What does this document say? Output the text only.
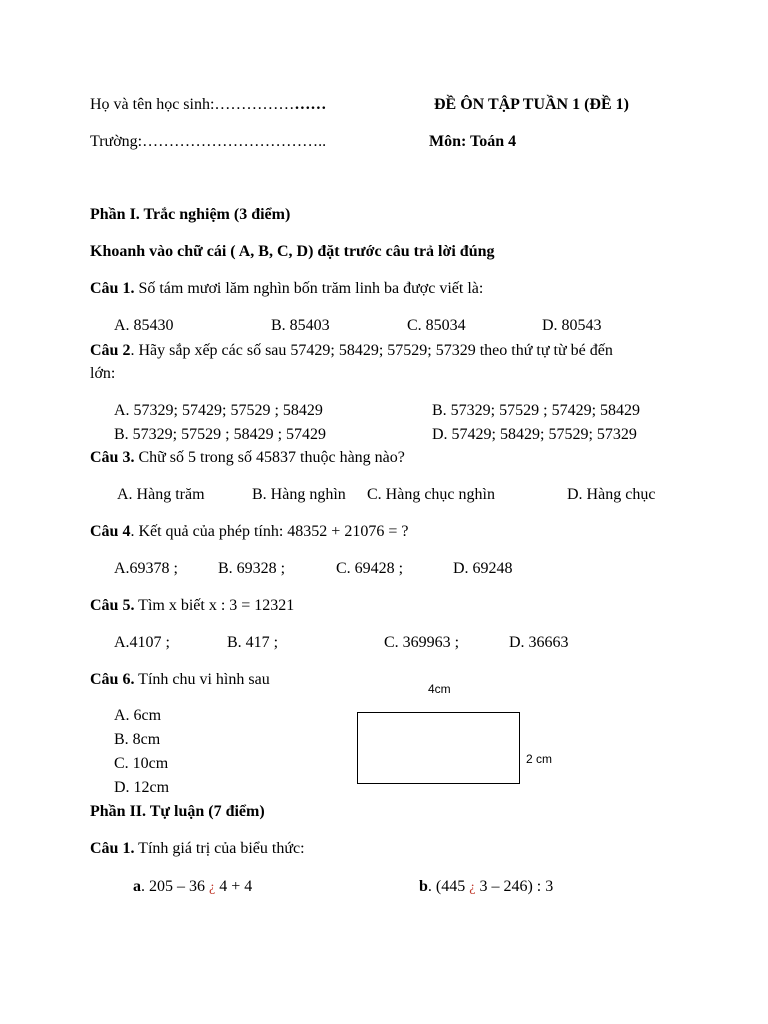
Họ và tên học sinh:…………………	ĐỀ ÔN TẬP TUẦN 1 (ĐỀ 1)
Trường:……………………………..	Môn: Toán 4
Phần I. Trắc nghiệm (3 điểm)
Khoanh vào chữ cái ( A, B, C, D) đặt trước câu trả lời đúng
Câu 1. Số tám mươi lăm nghìn bốn trăm linh ba được viết là:
A. 85430	B. 85403	C. 85034	D. 80543
Câu 2. Hãy sắp xếp các số sau 57429; 58429; 57529; 57329 theo thứ tự từ bé đến
lớn:
A. 57329; 57429; 57529 ; 58429	B. 57329; 57529 ; 57429; 58429
B. 57329; 57529 ; 58429 ; 57429	D. 57429; 58429; 57529; 57329
Câu 3. Chữ số 5 trong số 45837 thuộc hàng nào?
A. Hàng trăm	B. Hàng nghìn C. Hàng chục nghìn	D. Hàng chục
Câu 4. Kết quả của phép tính: 48352 + 21076 = ?
A.69378 ;	B. 69328 ;	C. 69428 ;	D. 69248
Câu 5. Tìm x biết x : 3 = 12321
A.4107 ;	B. 417 ;	C. 369963 ;	D. 36663
Câu 6. Tính chu vi hình sau
A. 6cm
B. 8cm
C. 10cm
D. 12cm
4cm
2 cm
Phần II. Tự luận (7 điểm)
Câu 1. Tính giá trị của biểu thức:
a. 205 – 36 ¿ 4 + 4	b. (445 ¿ 3 – 246) : 3
